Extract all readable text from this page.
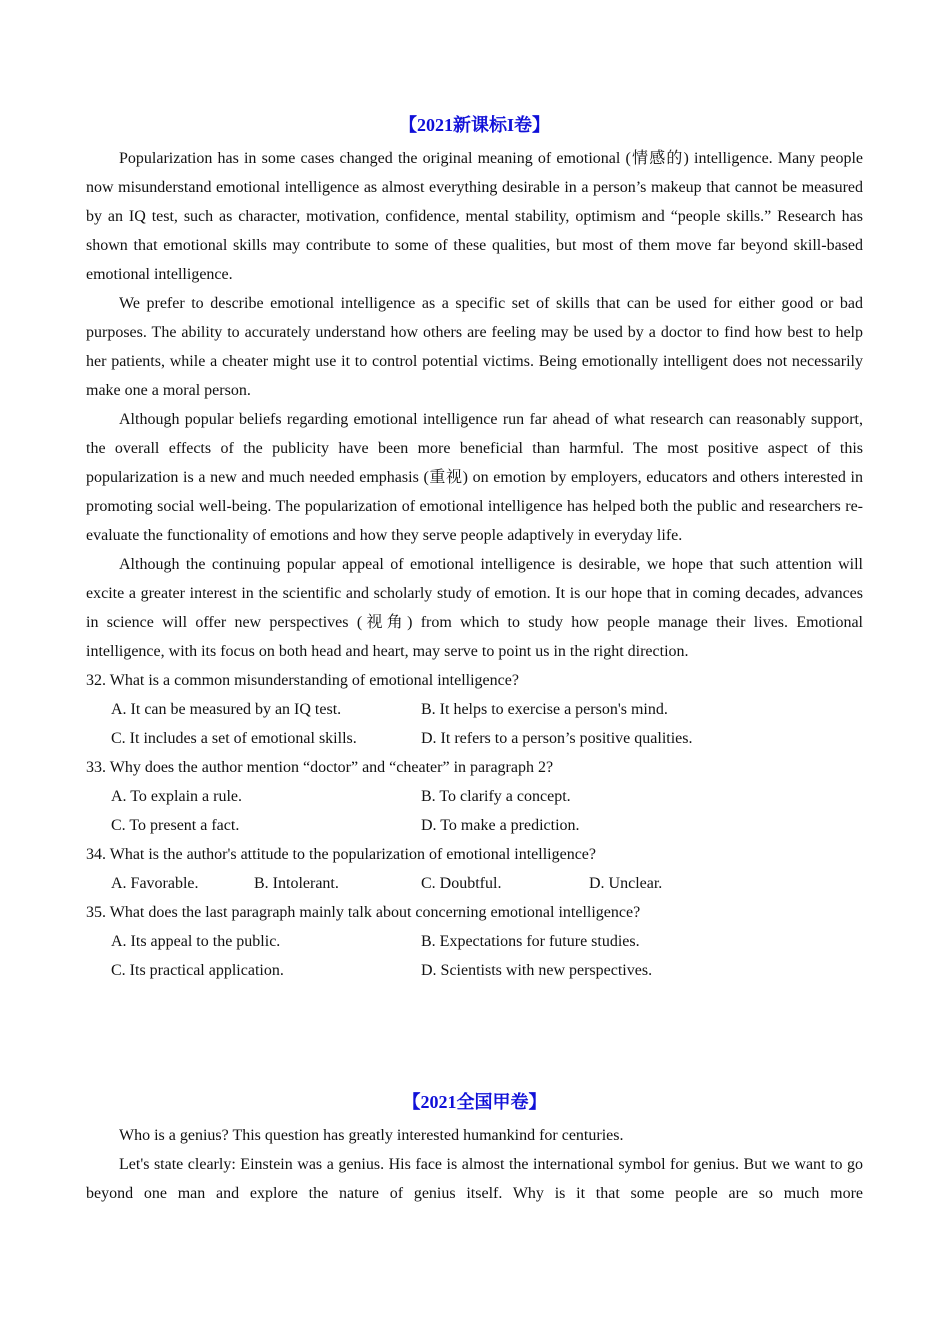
【2021新课标I卷】

Popularization has in some cases changed the original meaning of emotional (情感的) intelligence. Many people now misunderstand emotional intelligence as almost everything desirable in a person’s makeup that cannot be measured by an IQ test, such as character, motivation, confidence, mental stability, optimism and “people skills.” Research has shown that emotional skills may contribute to some of these qualities, but most of them move far beyond skill-based emotional intelligence.

We prefer to describe emotional intelligence as a specific set of skills that can be used for either good or bad purposes. The ability to accurately understand how others are feeling may be used by a doctor to find how best to help her patients, while a cheater might use it to control potential victims. Being emotionally intelligent does not necessarily make one a moral person.

Although popular beliefs regarding emotional intelligence run far ahead of what research can reasonably support, the overall effects of the publicity have been more beneficial than harmful. The most positive aspect of this popularization is a new and much needed emphasis (重视) on emotion by employers, educators and others interested in promoting social well-being. The popularization of emotional intelligence has helped both the public and researchers re-evaluate the functionality of emotions and how they serve people adaptively in everyday life.

Although the continuing popular appeal of emotional intelligence is desirable, we hope that such attention will excite a greater interest in the scientific and scholarly study of emotion. It is our hope that in coming decades, advances in science will offer new perspectives (视角) from which to study how people manage their lives. Emotional intelligence, with its focus on both head and heart, may serve to point us in the right direction.

32. What is a common misunderstanding of emotional intelligence?
A. It can be measured by an IQ test.	B. It helps to exercise a person's mind.
C. It includes a set of emotional skills.	D. It refers to a person’s positive qualities.
33. Why does the author mention “doctor” and “cheater” in paragraph 2?
A. To explain a rule.	B. To clarify a concept.
C. To present a fact.	D. To make a prediction.
34. What is the author's attitude to the popularization of emotional intelligence?
A. Favorable.	B. Intolerant.	C. Doubtful.	D. Unclear.
35. What does the last paragraph mainly talk about concerning emotional intelligence?
A. Its appeal to the public.	B. Expectations for future studies.
C. Its practical application.	D. Scientists with new perspectives.
【2021全国甲卷】

Who is a genius? This question has greatly interested humankind for centuries.

Let's state clearly: Einstein was a genius. His face is almost the international symbol for genius. But we want to go beyond one man and explore the nature of genius itself. Why is it that some people are so much more
